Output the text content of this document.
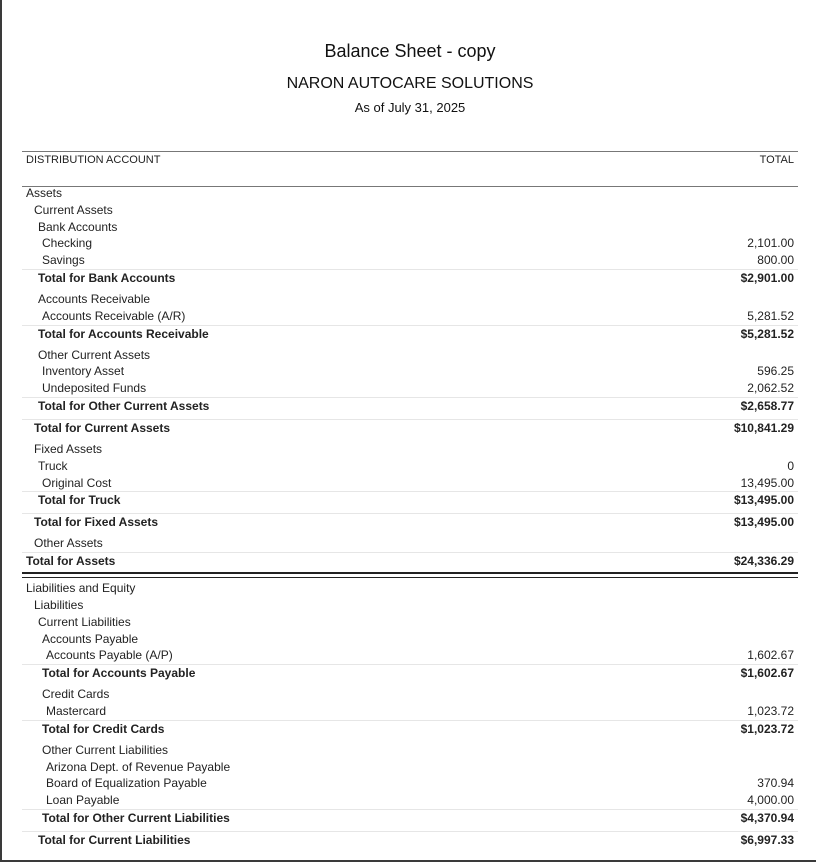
Balance Sheet - copy
NARON AUTOCARE SOLUTIONS
As of July 31, 2025
DISTRIBUTION ACCOUNT	TOTAL
Assets
Current Assets
Bank Accounts
Checking	2,101.00
Savings	800.00
Total for Bank Accounts	$2,901.00
Accounts Receivable
Accounts Receivable (A/R)	5,281.52
Total for Accounts Receivable	$5,281.52
Other Current Assets
Inventory Asset	596.25
Undeposited Funds	2,062.52
Total for Other Current Assets	$2,658.77
Total for Current Assets	$10,841.29
Fixed Assets
Truck	0
Original Cost	13,495.00
Total for Truck	$13,495.00
Total for Fixed Assets	$13,495.00
Other Assets
Total for Assets	$24,336.29
Liabilities and Equity
Liabilities
Current Liabilities
Accounts Payable
Accounts Payable (A/P)	1,602.67
Total for Accounts Payable	$1,602.67
Credit Cards
Mastercard	1,023.72
Total for Credit Cards	$1,023.72
Other Current Liabilities
Arizona Dept. of Revenue Payable
Board of Equalization Payable	370.94
Loan Payable	4,000.00
Total for Other Current Liabilities	$4,370.94
Total for Current Liabilities	$6,997.33
